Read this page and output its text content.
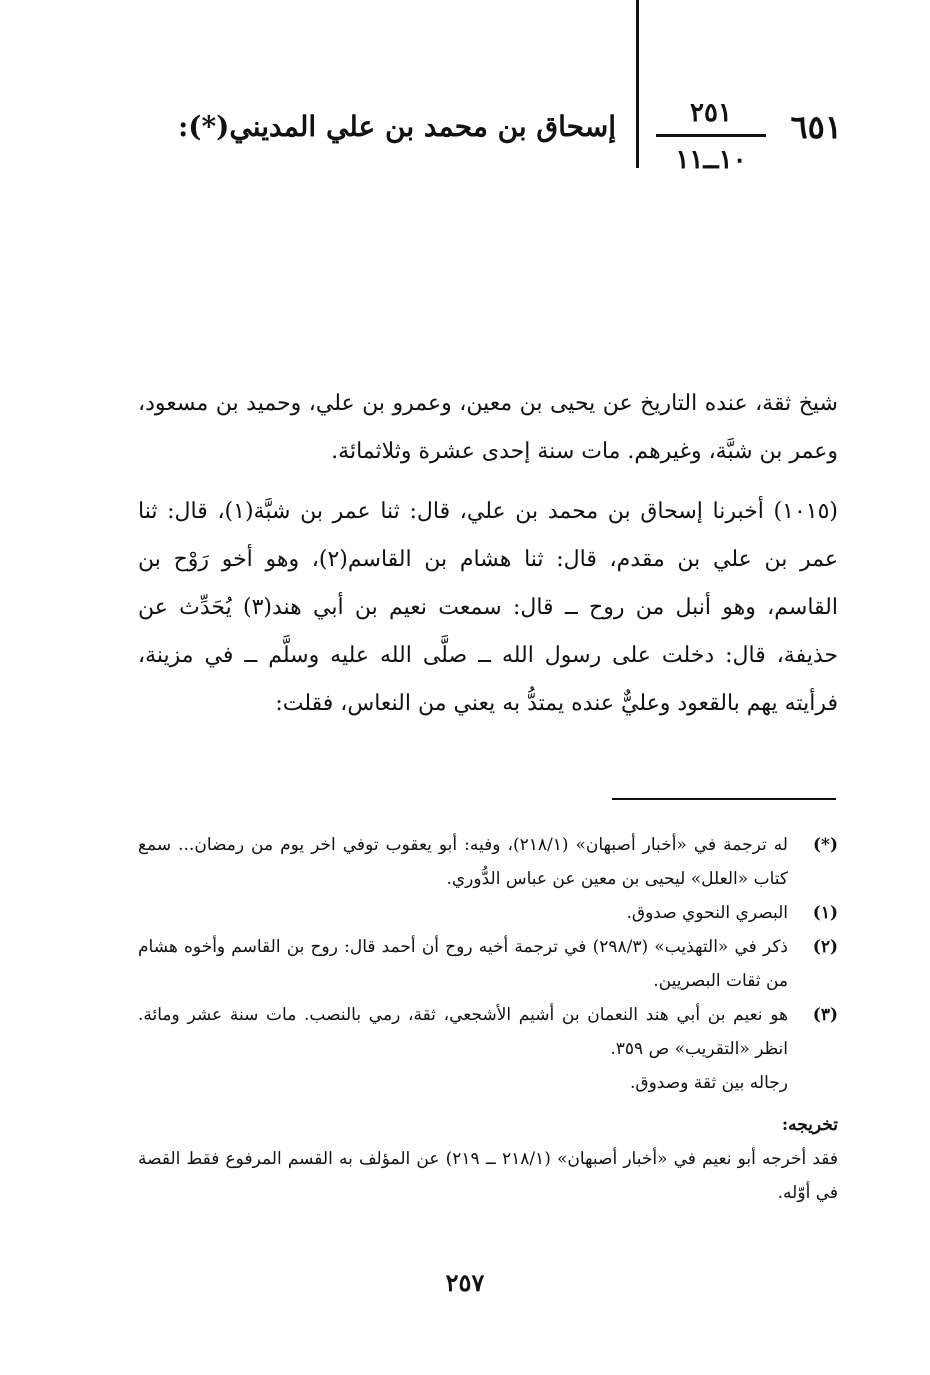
٦٥١
٢٥١
١٠ــ١١
إسحاق بن محمد بن علي المديني(*):

شيخ ثقة، عنده التاريخ عن يحيى بن معين، وعمرو بن علي، وحميد بن مسعود، وعمر بن شبَّة، وغيرهم. مات سنة إحدى عشرة وثلاثمائة.

(١٠١٥) أخبرنا إسحاق بن محمد بن علي، قال: ثنا عمر بن شبَّة(١)، قال: ثنا عمر بن علي بن مقدم، قال: ثنا هشام بن القاسم(٢)، وهو أخو رَوْح بن القاسم، وهو أنبل من روح ــ قال: سمعت نعيم بن أبي هند(٣) يُحَدِّث عن حذيفة، قال: دخلت على رسول الله ــ صلَّى الله عليه وسلَّم ــ في مزينة، فرأيته يهم بالقعود وعليٌّ عنده يمتدُّ به يعني من النعاس، فقلت:

(*)
له ترجمة في «أخبار أصبهان» (٢١٨/١)، وفيه: أبو يعقوب توفي اخر يوم من رمضان... سمع كتاب «العلل» ليحيى بن معين عن عباس الدُّوري.
(١)
البصري النحوي صدوق.
(٢)
ذكر في «التهذيب» (٢٩٨/٣) في ترجمة أخيه روح أن أحمد قال: روح بن القاسم وأخوه هشام من ثقات البصريين.
(٣)
هو نعيم بن أبي هند النعمان بن أشيم الأشجعي، ثقة، رمي بالنصب. مات سنة عشر ومائة. انظر «التقريب» ص ٣٥٩.
رجاله بين ثقة وصدوق.
تخريجه:
فقد أخرجه أبو نعيم في «أخبار أصبهان» (٢١٨/١ ــ ٢١٩) عن المؤلف به القسم المرفوع فقط القصة في أوّله.
٢٥٧
